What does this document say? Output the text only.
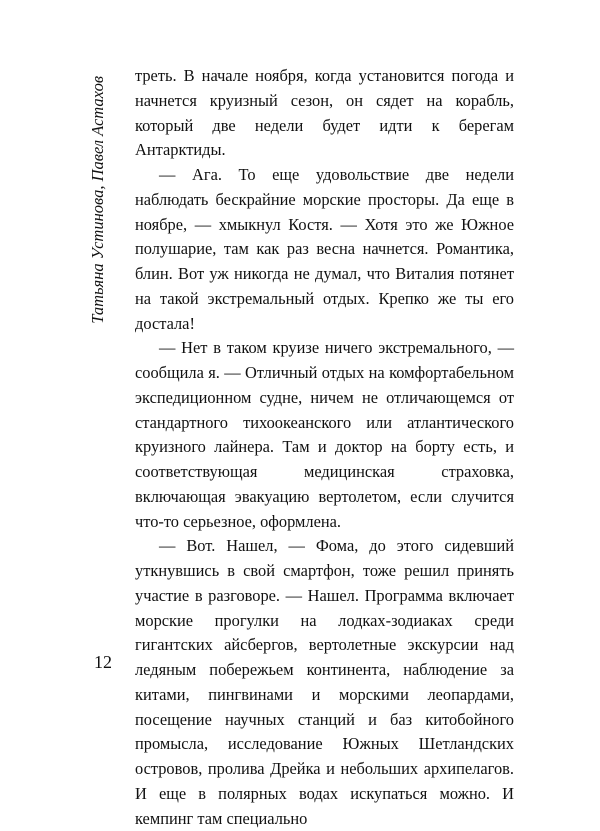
Татьяна Устинова, Павел Астахов

треть. В начале ноября, когда установится погода и начнется круизный сезон, он сядет на корабль, который две недели будет идти к берегам Антарктиды.

— Ага. То еще удовольствие две недели наблюдать бескрайние морские просторы. Да еще в ноябре, — хмыкнул Костя. — Хотя это же Южное полушарие, там как раз весна начнется. Романтика, блин. Вот уж никогда не думал, что Виталия потянет на такой экстремальный отдых. Крепко же ты его достала!

— Нет в таком круизе ничего экстремального, — сообщила я. — Отличный отдых на комфортабельном экспедиционном судне, ничем не отличающемся от стандартного тихоокеанского или атлантического круизного лайнера. Там и доктор на борту есть, и соответствующая медицинская страховка, включающая эвакуацию вертолетом, если случится что-то серьезное, оформлена.

— Вот. Нашел, — Фома, до этого сидевший уткнувшись в свой смартфон, тоже решил принять участие в разговоре. — Нашел. Программа включает морские прогулки на лодках-зодиаках среди гигантских айсбергов, вертолетные экскурсии над ледяным побережьем континента, наблюдение за китами, пингвинами и морскими леопардами, посещение научных станций и баз китобойного промысла, исследование Южных Шетландских островов, пролива Дрейка и небольших архипелагов. И еще в полярных водах искупаться можно. И кемпинг там специально

12
